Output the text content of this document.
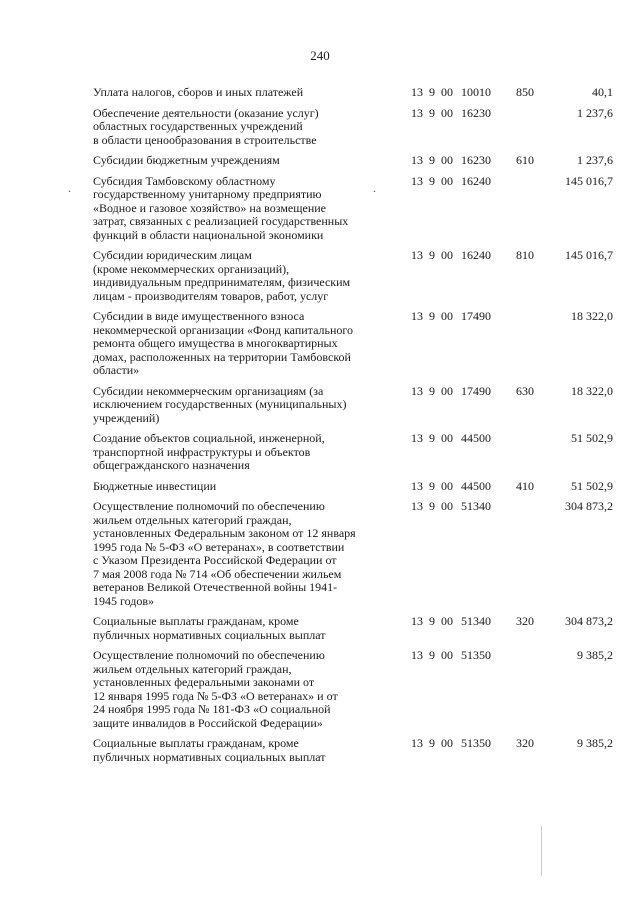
240
Уплата налогов, сборов и иных платежей	13 9 00 10010 850	40,1
Обеспечение деятельности (оказание услуг)
областных государственных учреждений
в области ценообразования в строительстве
13 9 00 16230	1 237,6
Субсидии бюджетным учреждениям	13 9 00 16230 610	1 237,6
Субсидия Тамбовскому областному
государственному унитарному предприятию
«Водное и газовое хозяйство» на возмещение
затрат, связанных с реализацией государственных
функций в области национальной экономики
13 9 00 16240	145 016,7
Субсидии юридическим лицам
(кроме некоммерческих организаций),
индивидуальным предпринимателям, физическим
лицам - производителям товаров, работ, услуг
13 9 00 16240 810	145 016,7
Субсидии в виде имущественного взноса
некоммерческой организации «Фонд капитального
ремонта общего имущества в многоквартирных
домах, расположенных на территории Тамбовской
области»
13 9 00 17490	18 322,0
Субсидии некоммерческим организациям (за
исключением государственных (муниципальных)
учреждений)
13 9 00 17490 630	18 322,0
Создание объектов социальной, инженерной,
транспортной инфраструктуры и объектов
общегражданского назначения
13 9 00 44500	51 502,9
Бюджетные инвестиции	13 9 00 44500 410	51 502,9
Осуществление полномочий по обеспечению
жильем отдельных категорий граждан,
установленных Федеральным законом от 12 января
1995 года № 5-ФЗ «О ветеранах», в соответствии
с Указом Президента Российской Федерации от
7 мая 2008 года № 714 «Об обеспечении жильем
ветеранов Великой Отечественной войны 1941-
1945 годов»
13 9 00 51340	304 873,2
Социальные выплаты гражданам, кроме
публичных нормативных социальных выплат
13 9 00 51340 320	304 873,2
Осуществление полномочий по обеспечению
жильем отдельных категорий граждан,
установленных федеральными законами от
12 января 1995 года № 5-ФЗ «О ветеранах» и от
24 ноября 1995 года № 181-ФЗ «О социальной
защите инвалидов в Российской Федерации»
13 9 00 51350	9 385,2
Социальные выплаты гражданам, кроме
публичных нормативных социальных выплат
13 9 00 51350 320	9 385,2
.	.
